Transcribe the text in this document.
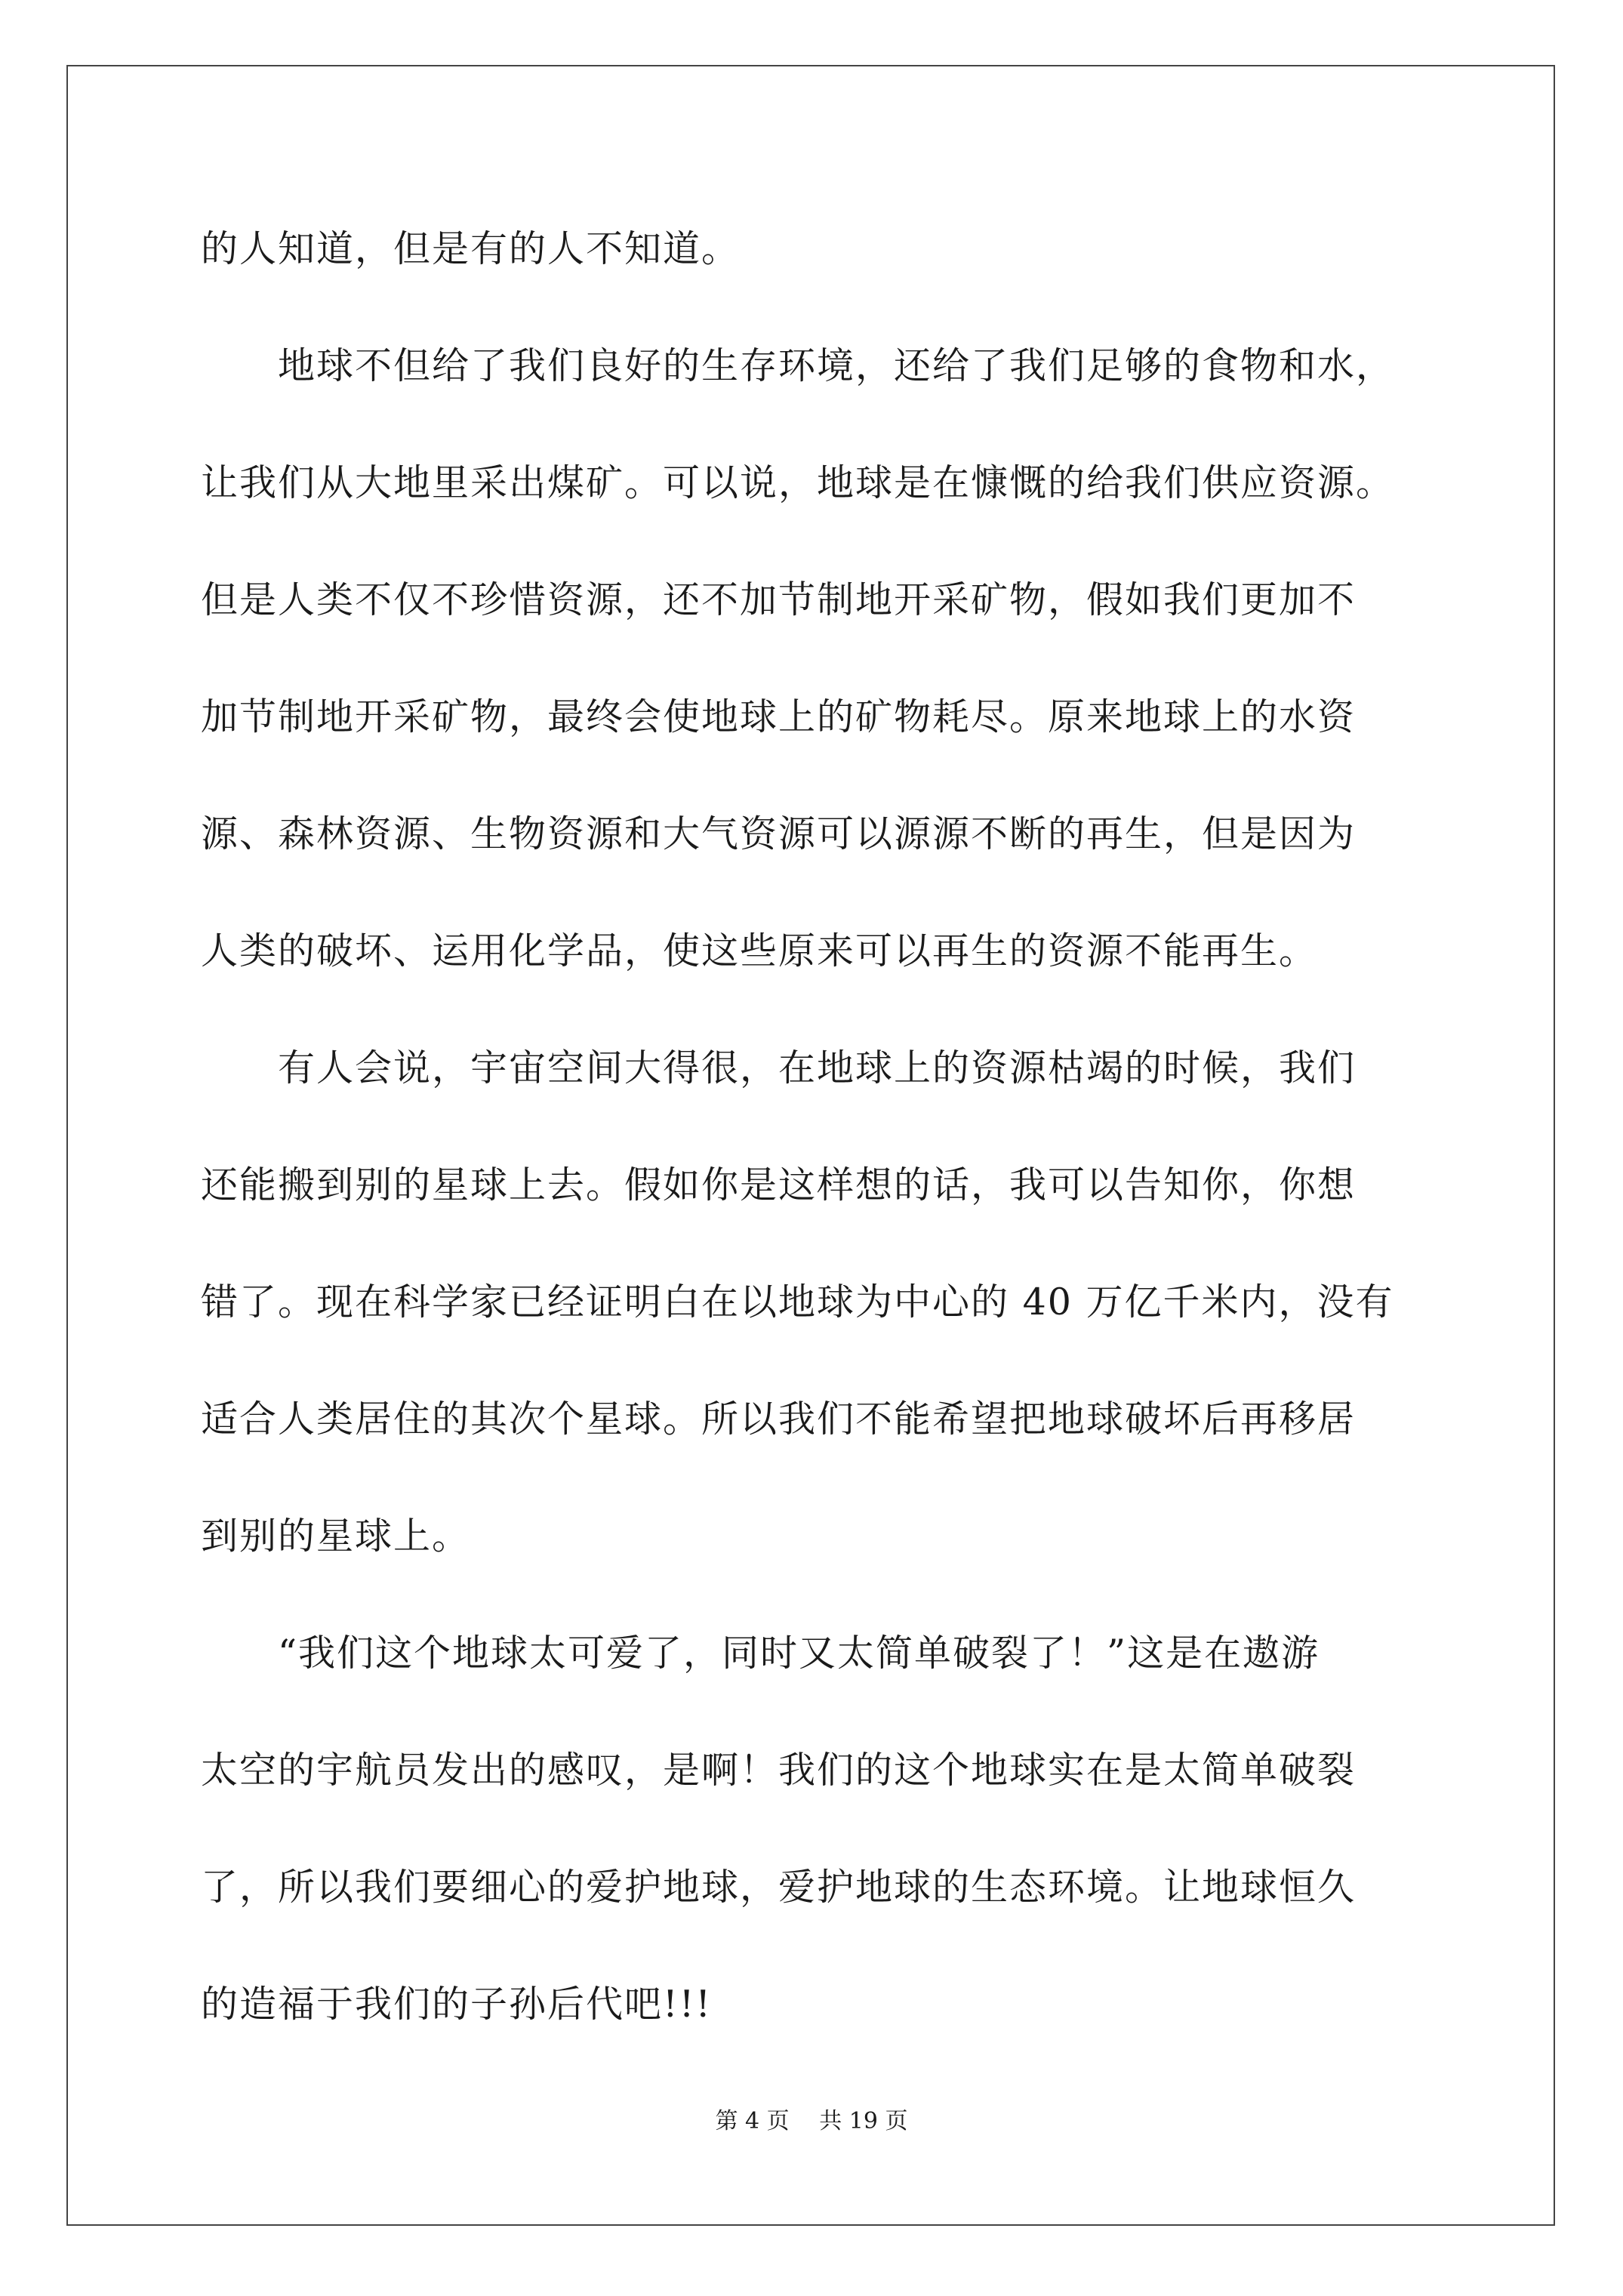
的人知道，但是有的人不知道。
　　地球不但给了我们良好的生存环境，还给了我们足够的食物和水，
让我们从大地里采出煤矿。可以说，地球是在慷慨的给我们供应资源。
但是人类不仅不珍惜资源，还不加节制地开采矿物，假如我们更加不
加节制地开采矿物，最终会使地球上的矿物耗尽。原来地球上的水资
源、森林资源、生物资源和大气资源可以源源不断的再生，但是因为
人类的破坏、运用化学品，使这些原来可以再生的资源不能再生。
　　有人会说，宇宙空间大得很，在地球上的资源枯竭的时候，我们
还能搬到别的星球上去。假如你是这样想的话，我可以告知你，你想
错了。现在科学家已经证明白在以地球为中心的 40 万亿千米内，没有
适合人类居住的其次个星球。所以我们不能希望把地球破坏后再移居
到别的星球上。
　　“我们这个地球太可爱了，同时又太简单破裂了！”这是在遨游
太空的宇航员发出的感叹，是啊！我们的这个地球实在是太简单破裂
了，所以我们要细心的爱护地球，爱护地球的生态环境。让地球恒久
的造福于我们的子孙后代吧!!!
第 4 页　 共 19 页
